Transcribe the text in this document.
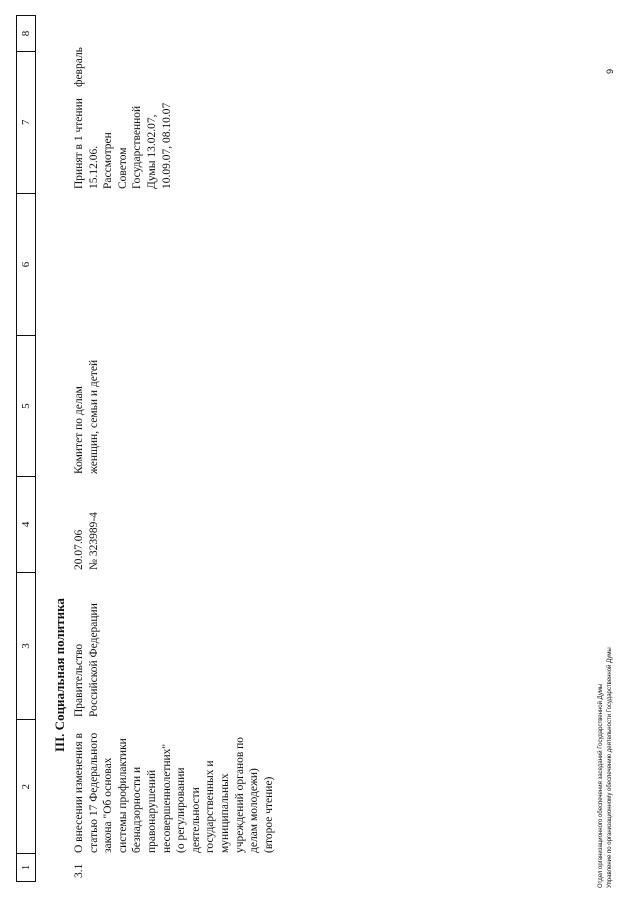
1
2
3
4
5
6
7
8
III. Социальная политика
3.1
О внесении изменения в
статью 17 Федерального
закона "Об основах
системы профилактики
безнадзорности и
правонарушений
несовершеннолетних"
(о регулировании
деятельности
государственных и
муниципальных
учреждений органов по
делам молодежи)
(второе чтение)
Правительство
Российской Федерации
20.07.06
№ 323989-4
Комитет по делам
женщин, семьи и детей
Принят в 1 чтении
15.12.06.
Рассмотрен
Советом
Государственной
Думы 13.02.07,
10.09.07, 08.10.07
февраль
Отдел организационного обеспечения заседаний Государственной Думы
Управление по организационному обеспечению деятельности Государственной Думы
9
